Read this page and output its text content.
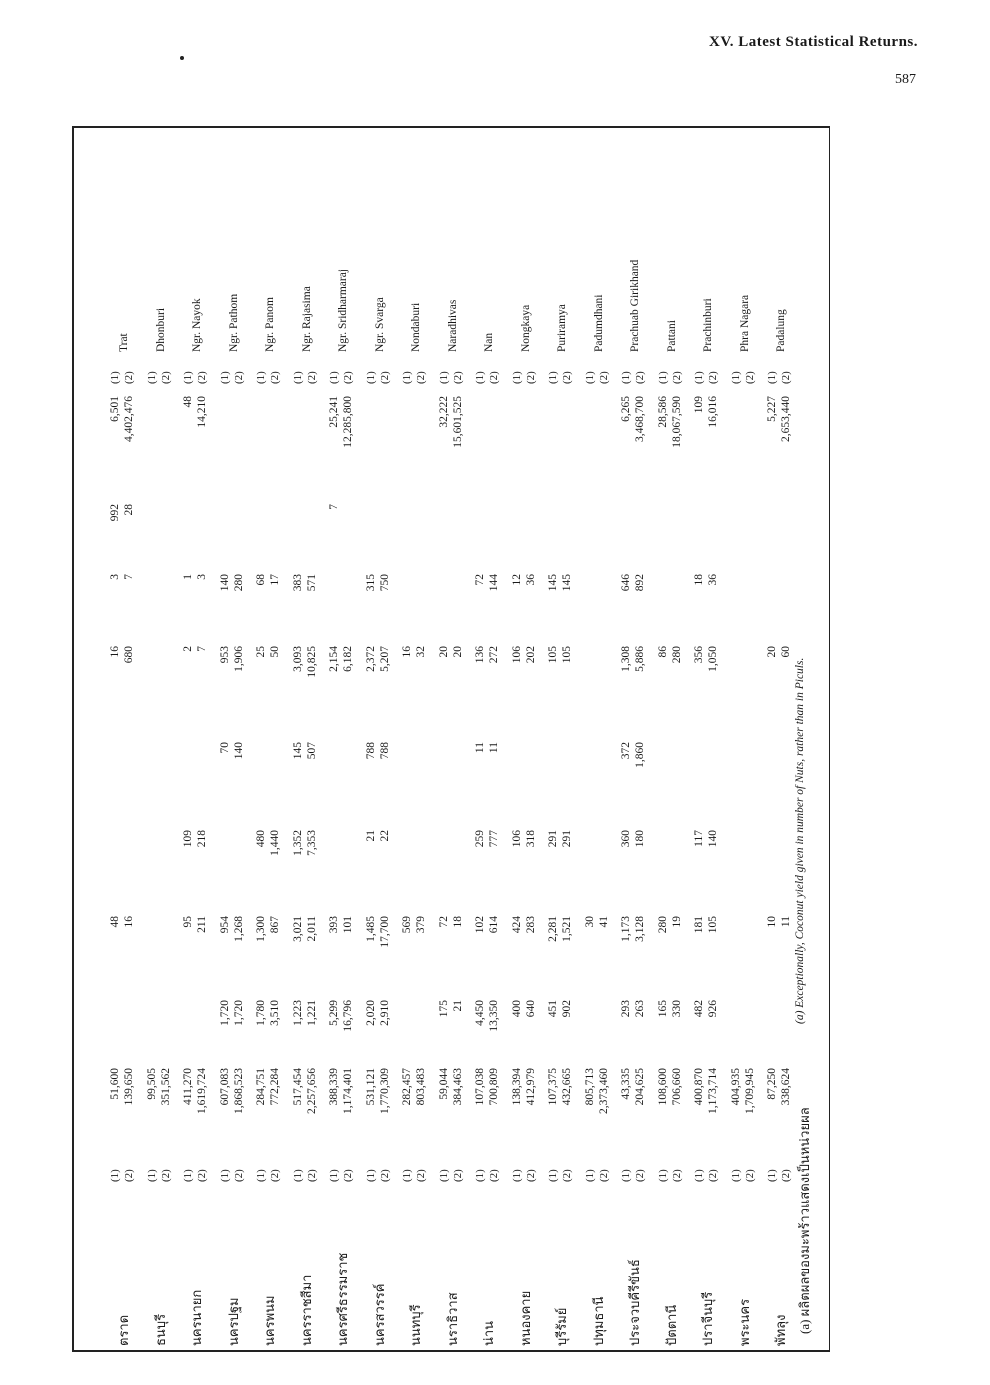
XV. Latest Statistical Returns.
587
ตราด
(1) (2)
51,600 139,650
48 16
16 680
3 7
992 28
6,501 4,402,476
(1) (2)
Trat
ธนบุรี
(1) (2)
99,505 351,562
(1) (2)
Dhonburi
นครนายก
(1) (2)
411,270 1,619,724
95 211
109 218
2 7
1 3
48 14,210
(1) (2)
Ngr. Nayok
นครปฐม
(1) (2)
607,083 1,868,523
1,720 1,720
954 1,268
70 140
953 1,906
140 280
(1) (2)
Ngr. Pathom
นครพนม
(1) (2)
284,751 772,284
1,780 3,510
1,300 867
480 1,440
25 50
68 17
(1) (2)
Ngr. Panom
นครราชสีมา
(1) (2)
517,454 2,257,656
1,223 1,221
3,021 2,011
1,352 7,353
145 507
3,093 10,825
383 571
(1) (2)
Ngr. Rajasima
นครศรีธรรมราช
(1) (2)
388,339 1,174,401
5,299 16,796
393 101
2,154 6,182
7
25,241 12,285,800
(1) (2)
Ngr. Sridharmaraj
นครสวรรค์
(1) (2)
531,121 1,770,309
2,020 2,910
1,485 17,700
21 22
788 788
2,372 5,207
315 750
(1) (2)
Ngr. Svarga
นนทบุรี
(1) (2)
282,457 803,483
569 379
16 32
(1) (2)
Nondaburi
นราธิวาส
(1) (2)
59,044 384,463
175 21
72 18
20 20
32,222 15,601,525
(1) (2)
Naradhivas
น่าน
(1) (2)
107,038 700,809
4,450 13,350
102 614
259 777
11 11
136 272
72 144
(1) (2)
Nan
หนองคาย
(1) (2)
138,394 412,979
400 640
424 283
106 318
106 202
12 36
(1) (2)
Nongkaya
บุรีรัมย์
(1) (2)
107,375 432,665
451 902
2,281 1,521
291 291
105 105
145 145
(1) (2)
Puriramya
ปทุมธานี
(1) (2)
805,713 2,373,460
30 41
(1) (2)
Padumdhani
ประจวบคีรีขันธ์
(1) (2)
43,335 204,625
293 263
1,173 3,128
360 180
372 1,860
1,308 5,886
646 892
6,265 3,468,700
(1) (2)
Prachuab Girikhand
ปัตตานี
(1) (2)
108,600 706,660
165 330
280 19
86 280
28,586 18,067,590
(1) (2)
Pattani
ปราจีนบุรี
(1) (2)
400,870 1,173,714
482 926
181 105
117 140
356 1,050
18 36
109 16,016
(1) (2)
Prachinburi
พระนคร
(1) (2)
404,935 1,709,945
(1) (2)
Phra Nagara
พัทลุง
(1) (2)
87,250 338,624
10 11
20 60
5,227 2,653,440
(1) (2)
Padalung
(a) ผลิตผลของมะพร้าวแสดงเป็นหน่วยผล
(a) Exceptionally, Coconut yield given in number of Nuts, rather than in Piculs.
